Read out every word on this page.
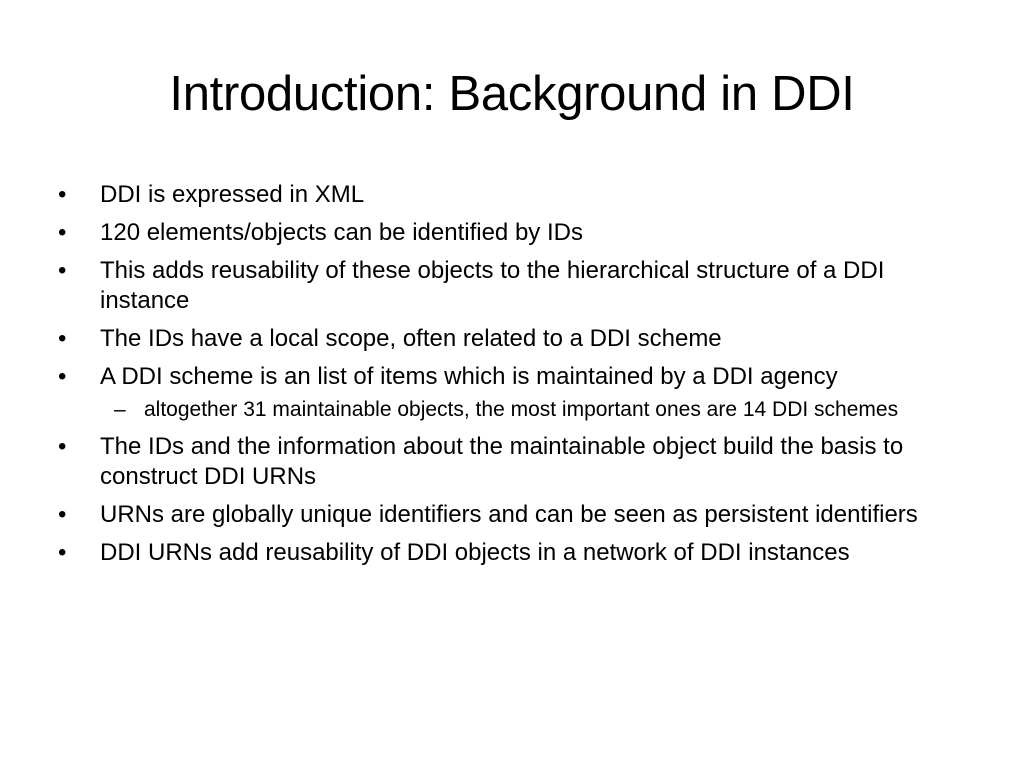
Introduction: Background in DDI
•	DDI is expressed in XML
•	120 elements/objects can be identified by IDs
•	This adds reusability of these objects to the hierarchical structure of a DDI instance
•	The IDs have a local scope, often related to a DDI scheme
•	A DDI scheme is an list of items which is maintained by a DDI agency
– altogether 31 maintainable objects, the most important ones are 14 DDI schemes
•	The IDs and the information about the maintainable object build the basis to construct DDI URNs
•	URNs are globally unique identifiers and can be seen as persistent identifiers
•	DDI URNs add reusability of DDI objects in a network of DDI instances
